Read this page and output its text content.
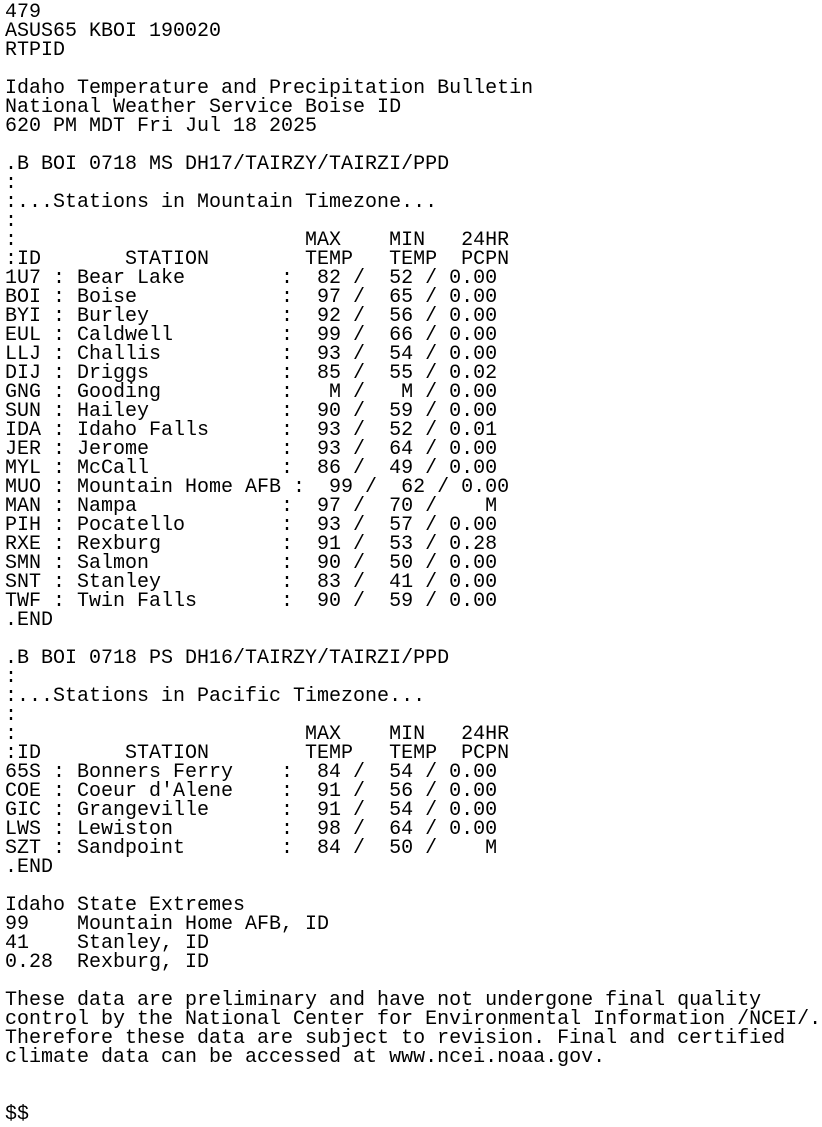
479
ASUS65 KBOI 190020
RTPID
Idaho Temperature and Precipitation Bulletin
National Weather Service Boise ID
620 PM MDT Fri Jul 18 2025
.B BOI 0718 MS DH17/TAIRZY/TAIRZI/PPD
:
:...Stations in Mountain Timezone...
:
:                        MAX    MIN   24HR
:ID       STATION        TEMP   TEMP  PCPN
1U7 : Bear Lake        :  82 /  52 / 0.00
BOI : Boise            :  97 /  65 / 0.00
BYI : Burley           :  92 /  56 / 0.00
EUL : Caldwell         :  99 /  66 / 0.00
LLJ : Challis          :  93 /  54 / 0.00
DIJ : Driggs           :  85 /  55 / 0.02
GNG : Gooding          :   M /   M / 0.00
SUN : Hailey           :  90 /  59 / 0.00
IDA : Idaho Falls      :  93 /  52 / 0.01
JER : Jerome           :  93 /  64 / 0.00
MYL : McCall           :  86 /  49 / 0.00
MUO : Mountain Home AFB :  99 /  62 / 0.00
MAN : Nampa            :  97 /  70 /    M
PIH : Pocatello        :  93 /  57 / 0.00
RXE : Rexburg          :  91 /  53 / 0.28
SMN : Salmon           :  90 /  50 / 0.00
SNT : Stanley          :  83 /  41 / 0.00
TWF : Twin Falls       :  90 /  59 / 0.00
.END
.B BOI 0718 PS DH16/TAIRZY/TAIRZI/PPD
:
:...Stations in Pacific Timezone...
:
:                        MAX    MIN   24HR
:ID       STATION        TEMP   TEMP  PCPN
65S : Bonners Ferry    :  84 /  54 / 0.00
COE : Coeur d'Alene    :  91 /  56 / 0.00
GIC : Grangeville      :  91 /  54 / 0.00
LWS : Lewiston         :  98 /  64 / 0.00
SZT : Sandpoint        :  84 /  50 /    M
.END
Idaho State Extremes
99    Mountain Home AFB, ID
41    Stanley, ID
0.28  Rexburg, ID
These data are preliminary and have not undergone final quality
control by the National Center for Environmental Information /NCEI/.
Therefore these data are subject to revision. Final and certified
climate data can be accessed at www.ncei.noaa.gov.
$$
